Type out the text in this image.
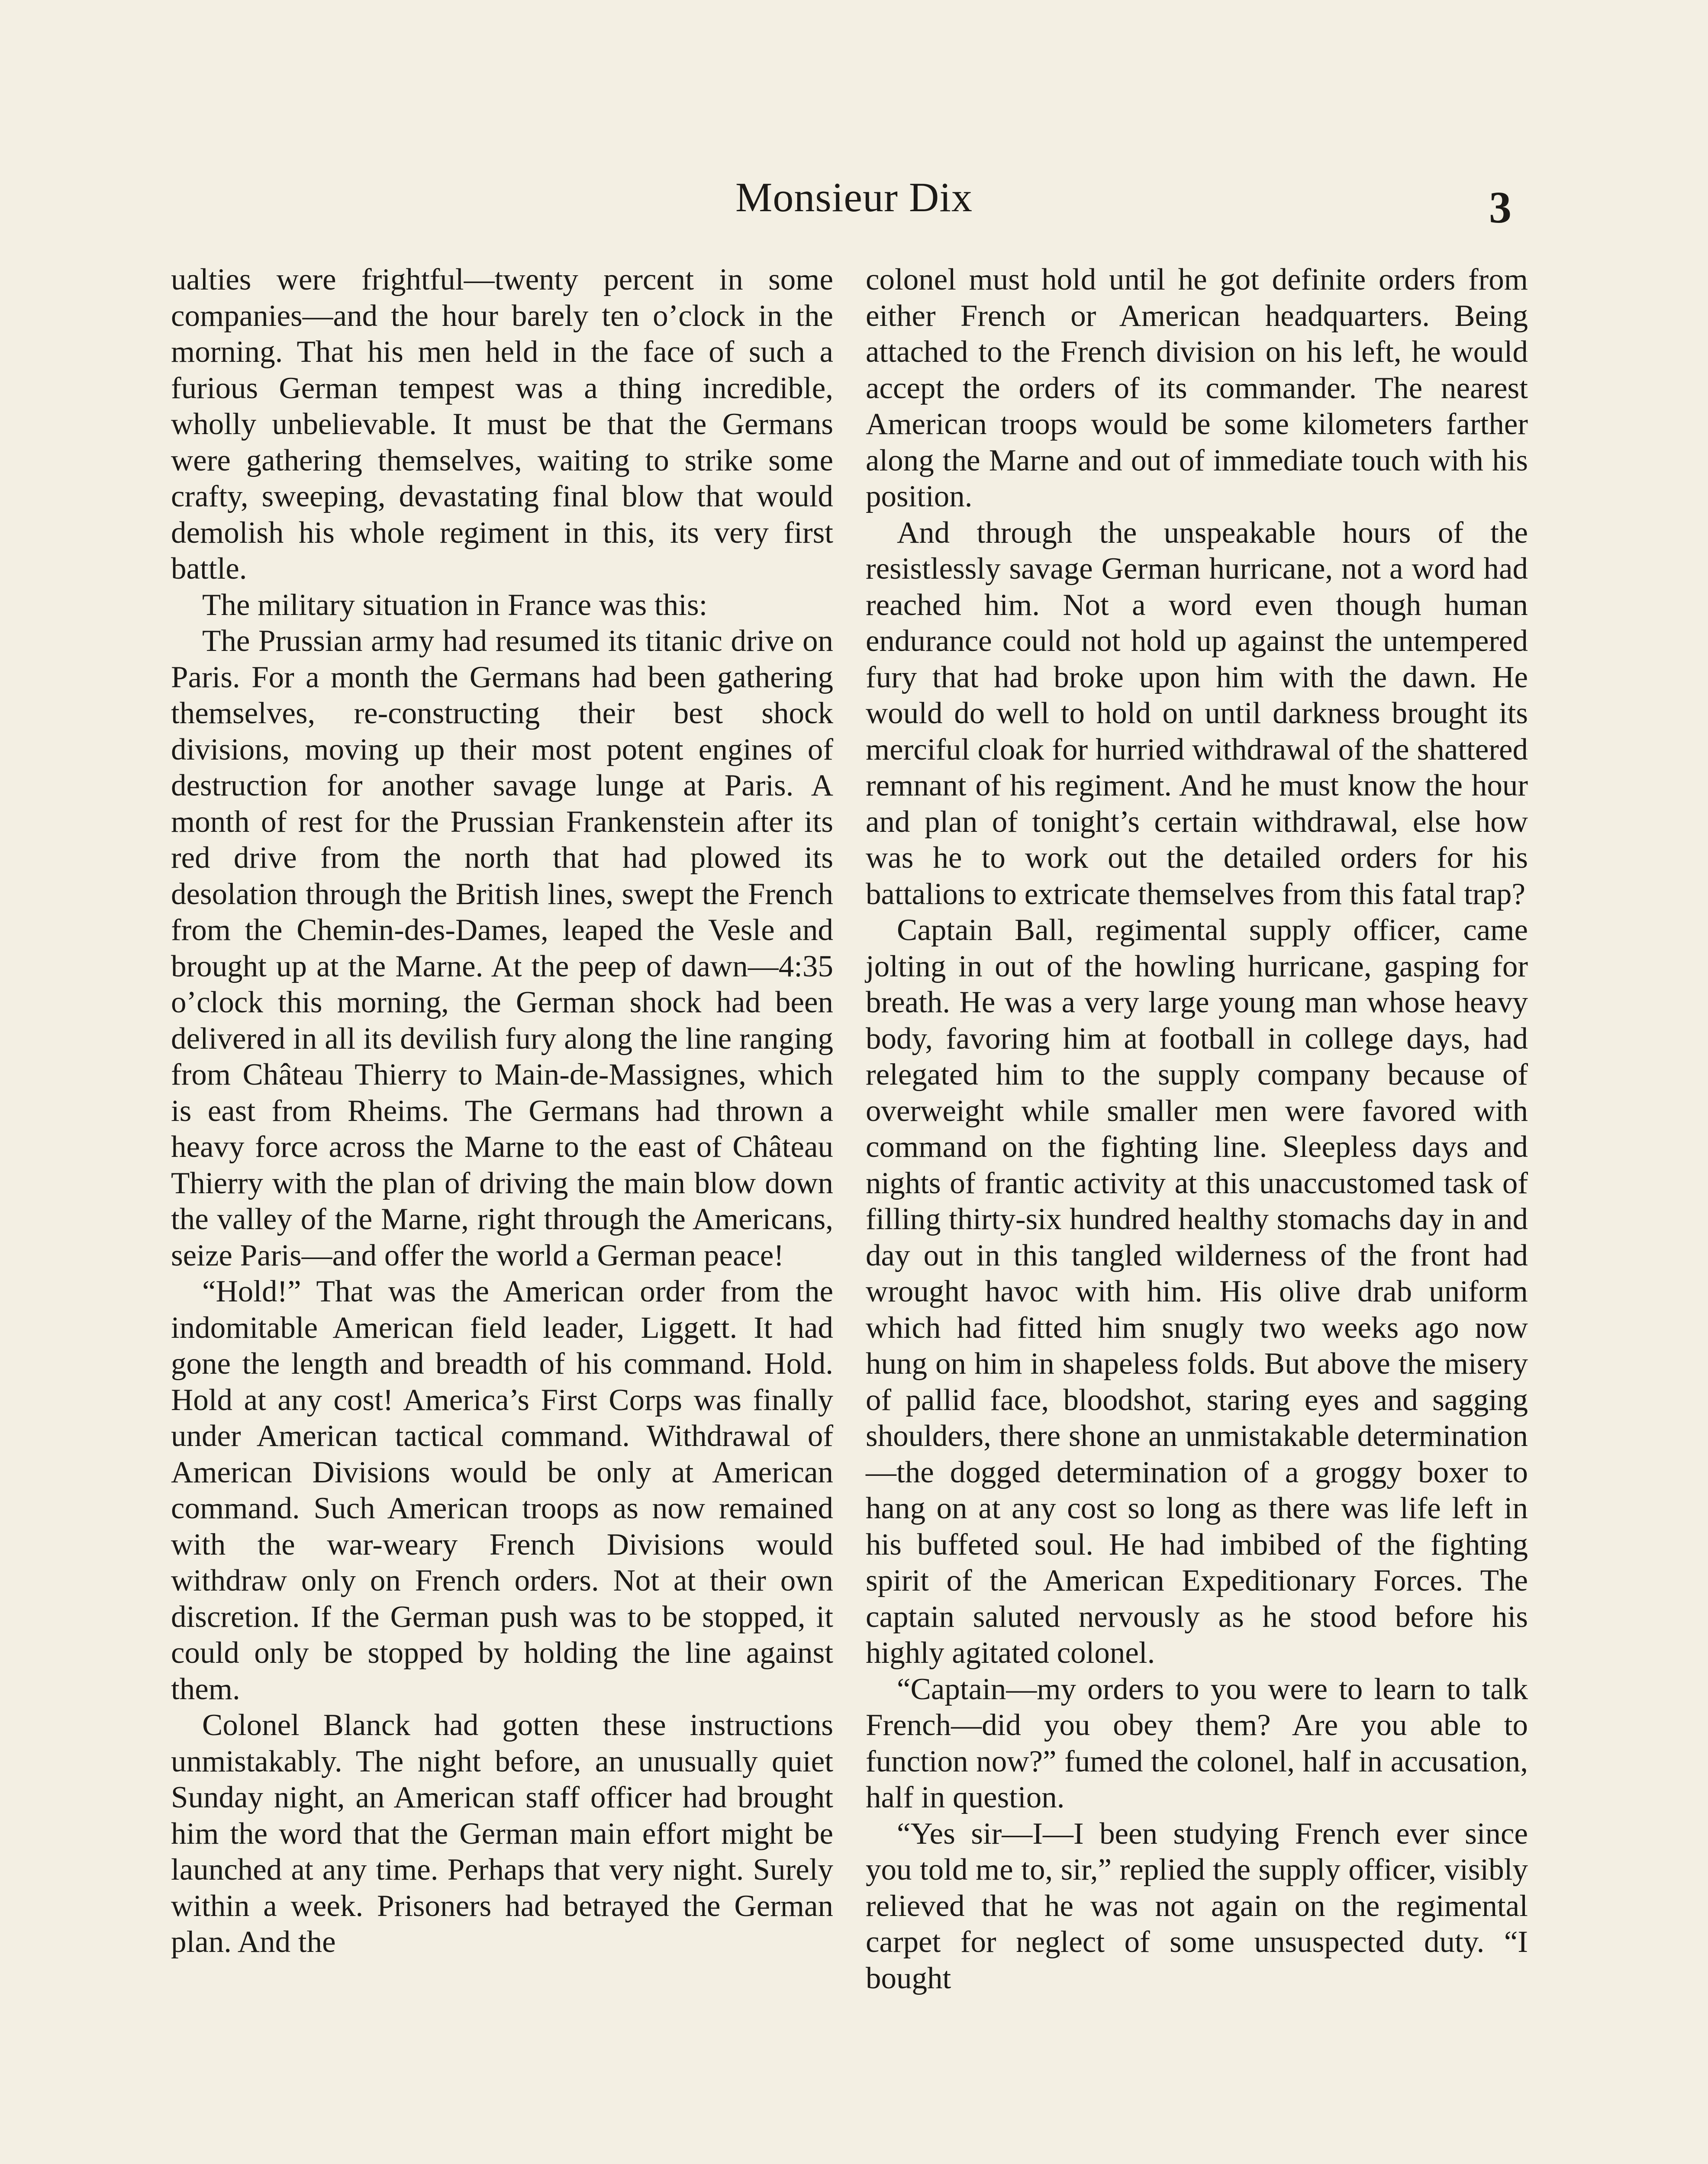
Monsieur Dix	3

ualties were frightful—twenty percent in some companies—and the hour barely ten o’clock in the morning. That his men held in the face of such a furious German tempest was a thing incredible, wholly unbelievable. It must be that the Germans were gathering themselves, waiting to strike some crafty, sweeping, devastating final blow that would demolish his whole regiment in this, its very first battle.

The military situation in France was this:

The Prussian army had resumed its titanic drive on Paris. For a month the Germans had been gathering themselves, re-constructing their best shock divisions, moving up their most potent engines of destruction for another savage lunge at Paris. A month of rest for the Prussian Frankenstein after its red drive from the north that had plowed its desolation through the British lines, swept the French from the Chemin-des-Dames, leaped the Vesle and brought up at the Marne. At the peep of dawn—4:35 o’clock this morning, the German shock had been delivered in all its devilish fury along the line ranging from Château Thierry to Main-de-Massignes, which is east from Rheims. The Germans had thrown a heavy force across the Marne to the east of Château Thierry with the plan of driving the main blow down the valley of the Marne, right through the Americans, seize Paris—and offer the world a German peace!

“Hold!” That was the American order from the indomitable American field leader, Liggett. It had gone the length and breadth of his command. Hold. Hold at any cost! America’s First Corps was finally under American tactical command. Withdrawal of American Divisions would be only at American command. Such American troops as now remained with the war-weary French Divisions would withdraw only on French orders. Not at their own discretion. If the German push was to be stopped, it could only be stopped by holding the line against them.

Colonel Blanck had gotten these instructions unmistakably. The night before, an unusually quiet Sunday night, an American staff officer had brought him the word that the German main effort might be launched at any time. Perhaps that very night. Surely within a week. Prisoners had betrayed the German plan. And the

colonel must hold until he got definite orders from either French or American headquarters. Being attached to the French division on his left, he would accept the orders of its commander. The nearest American troops would be some kilometers farther along the Marne and out of immediate touch with his position.

And through the unspeakable hours of the resistlessly savage German hurricane, not a word had reached him. Not a word even though human endurance could not hold up against the untempered fury that had broke upon him with the dawn. He would do well to hold on until darkness brought its merciful cloak for hurried withdrawal of the shattered remnant of his regiment. And he must know the hour and plan of tonight’s certain withdrawal, else how was he to work out the detailed orders for his battalions to extricate themselves from this fatal trap?

Captain Ball, regimental supply officer, came jolting in out of the howling hurricane, gasping for breath. He was a very large young man whose heavy body, favoring him at football in college days, had relegated him to the supply company because of overweight while smaller men were favored with command on the fighting line. Sleepless days and nights of frantic activity at this unaccustomed task of filling thirty-six hundred healthy stomachs day in and day out in this tangled wilderness of the front had wrought havoc with him. His olive drab uniform which had fitted him snugly two weeks ago now hung on him in shapeless folds. But above the misery of pallid face, bloodshot, staring eyes and sagging shoulders, there shone an unmistakable determination—the dogged determination of a groggy boxer to hang on at any cost so long as there was life left in his buffeted soul. He had imbibed of the fighting spirit of the American Expeditionary Forces. The captain saluted nervously as he stood before his highly agitated colonel.

“Captain—my orders to you were to learn to talk French—did you obey them? Are you able to function now?” fumed the colonel, half in accusation, half in question.

“Yes sir—I—I been studying French ever since you told me to, sir,” replied the supply officer, visibly relieved that he was not again on the regimental carpet for neglect of some unsuspected duty. “I bought
